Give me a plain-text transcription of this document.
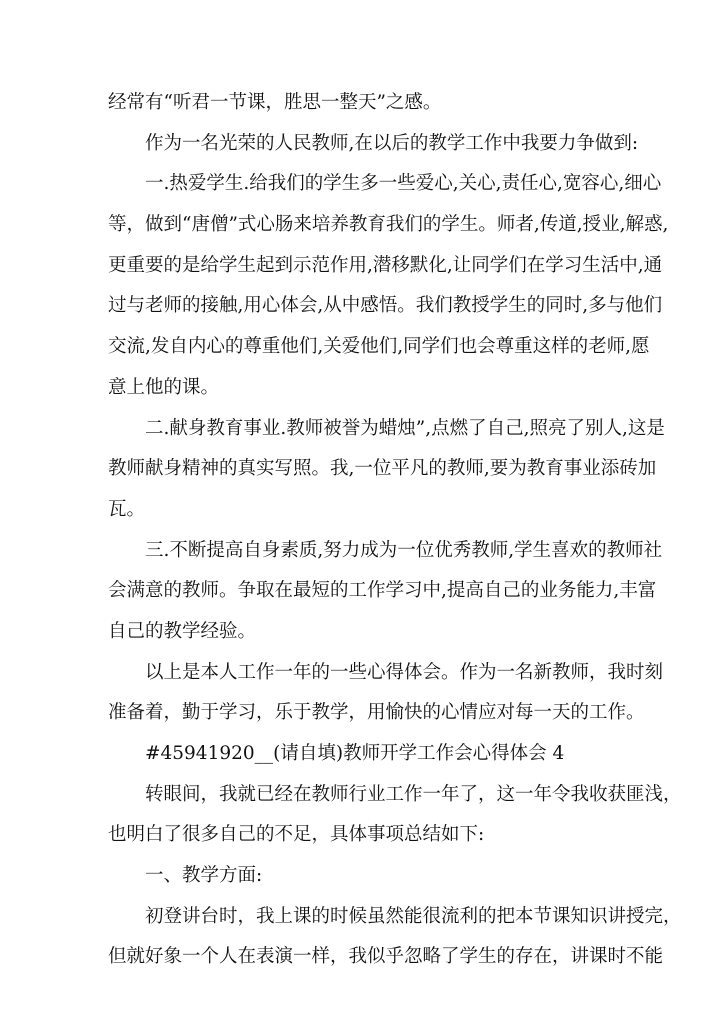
经常有“听君一节课，胜思一整天”之感。
作为一名光荣的人民教师,在以后的教学工作中我要力争做到:
一.热爱学生.给我们的学生多一些爱心,关心,责任心,宽容心,细心
等，做到“唐僧”式心肠来培养教育我们的学生。师者,传道,授业,解惑,
更重要的是给学生起到示范作用,潜移默化,让同学们在学习生活中,通
过与老师的接触,用心体会,从中感悟。我们教授学生的同时,多与他们
交流,发自内心的尊重他们,关爱他们,同学们也会尊重这样的老师,愿
意上他的课。
二.献身教育事业.教师被誉为蜡烛”,点燃了自己,照亮了别人,这是
教师献身精神的真实写照。我,一位平凡的教师,要为教育事业添砖加
瓦。
三.不断提高自身素质,努力成为一位优秀教师,学生喜欢的教师社
会满意的教师。争取在最短的工作学习中,提高自己的业务能力,丰富
自己的教学经验。
以上是本人工作一年的一些心得体会。作为一名新教师，我时刻
准备着，勤于学习，乐于教学，用愉快的心情应对每一天的工作。
#45941920__(请自填)教师开学工作会心得体会 4
转眼间，我就已经在教师行业工作一年了，这一年令我收获匪浅，
也明白了很多自己的不足，具体事项总结如下:
一、教学方面:
初登讲台时，我上课的时候虽然能很流利的把本节课知识讲授完，
但就好象一个人在表演一样，我似乎忽略了学生的存在，讲课时不能
